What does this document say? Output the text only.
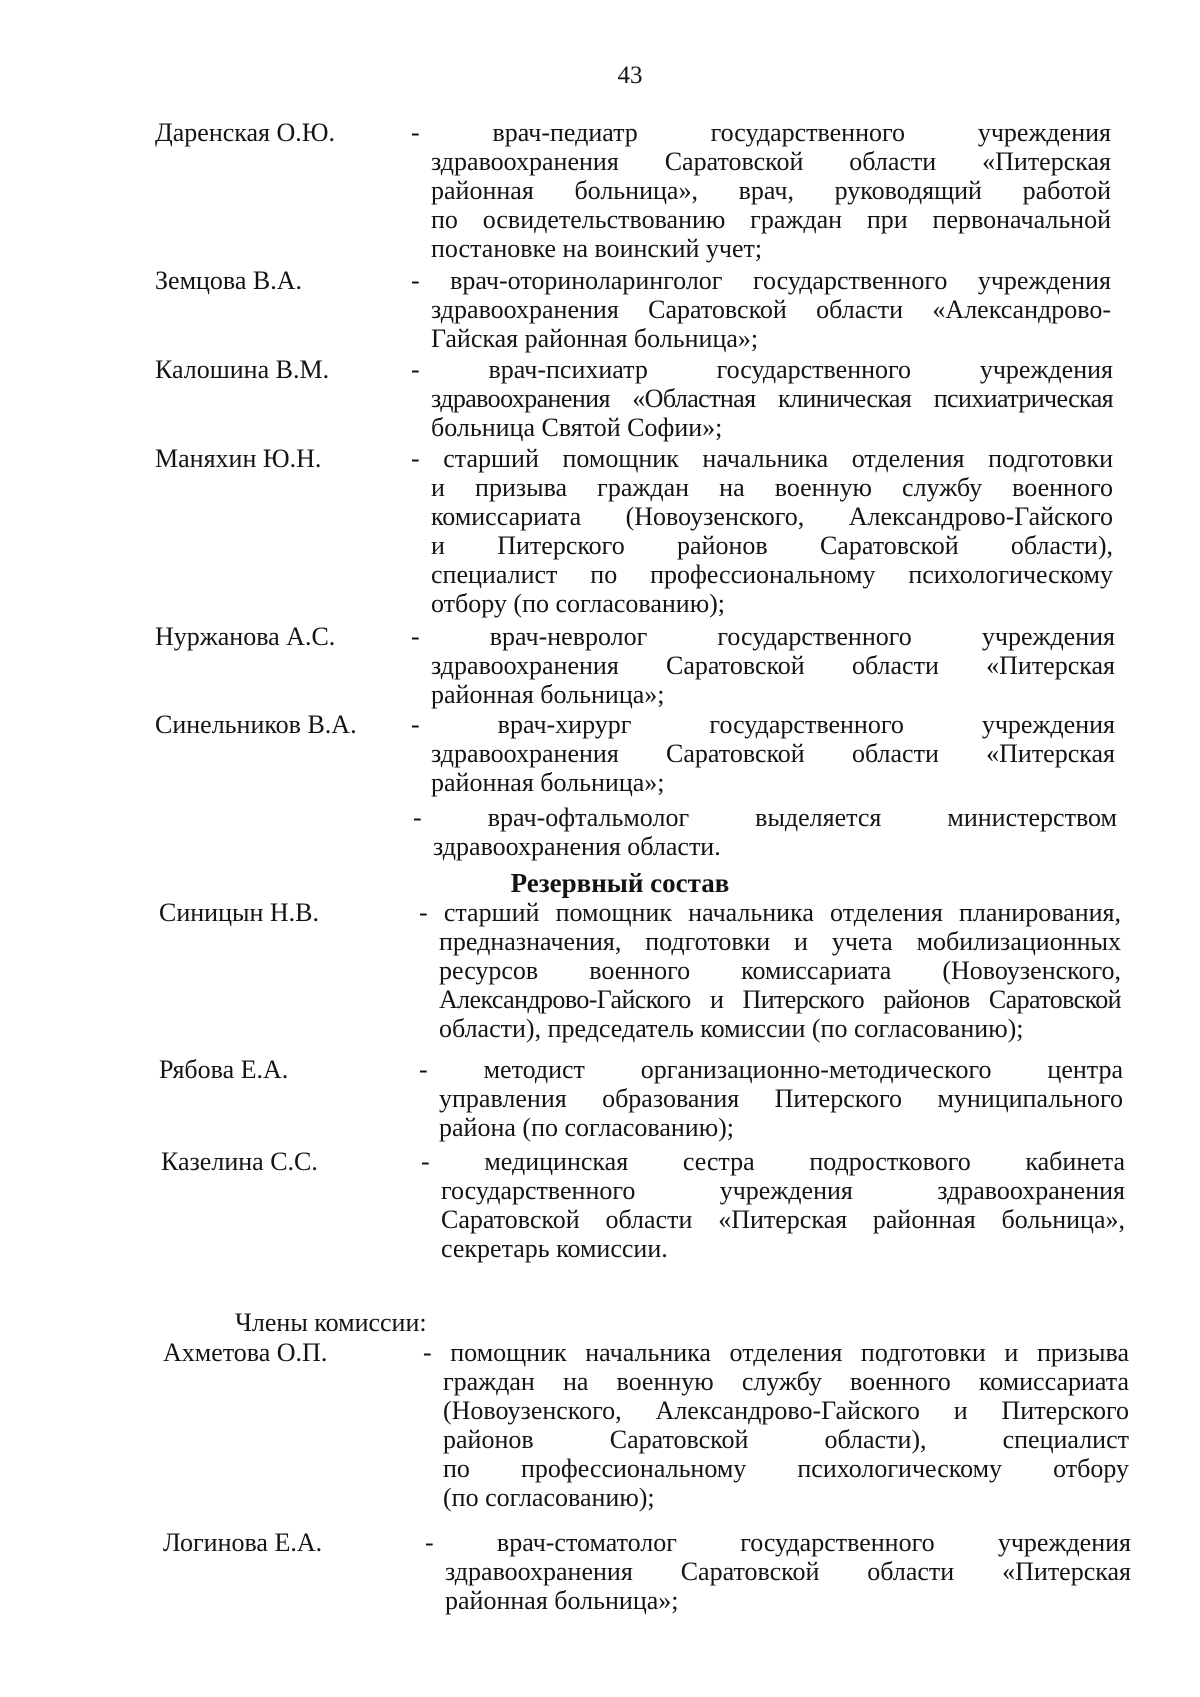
43
Даренская О.Ю.	- врач-педиатр государственного учреждения
здравоохранения Саратовской области «Питерская
районная больница», врач, руководящий работой
по освидетельствованию граждан при первоначальной
постановке на воинский учет;
Земцова В.А.	- врач-оториноларинголог государственного учреждения
здравоохранения Саратовской области «Александрово-
Гайская районная больница»;
Калошина В.М.	- врач-психиатр государственного учреждения
здравоохранения «Областная клиническая психиатрическая
больница Святой Софии»;
Маняхин Ю.Н.	- старший помощник начальника отделения подготовки
и призыва граждан на военную службу военного
комиссариата (Новоузенского, Александрово-Гайского
и Питерского районов Саратовской области),
специалист по профессиональному психологическому
отбору (по согласованию);
Нуржанова А.С.	- врач-невролог государственного учреждения
здравоохранения Саратовской области «Питерская
районная больница»;
Синельников В.А. - врач-хирург государственного учреждения
здравоохранения Саратовской области «Питерская
районная больница»;
- врач-офтальмолог выделяется министерством
здравоохранения области.
Резервный состав
Синицын Н.В.	- старший помощник начальника отделения планирования,
предназначения, подготовки и учета мобилизационных
ресурсов военного комиссариата (Новоузенского,
Александрово-Гайского и Питерского районов Саратовской
области), председатель комиссии (по согласованию);
Рябова Е.А.	- методист организационно-методического центра
управления образования Питерского муниципального
района (по согласованию);
Казелина С.С.	- медицинская сестра подросткового кабинета
государственного учреждения здравоохранения
Саратовской области «Питерская районная больница»,
секретарь комиссии.
Члены комиссии:
Ахметова О.П.	- помощник начальника отделения подготовки и призыва
граждан на военную службу военного комиссариата
(Новоузенского, Александрово-Гайского и Питерского
районов Саратовской области), специалист
по профессиональному психологическому отбору
(по согласованию);
Логинова Е.А.	- врач-стоматолог государственного учреждения
здравоохранения Саратовской области «Питерская
районная больница»;
